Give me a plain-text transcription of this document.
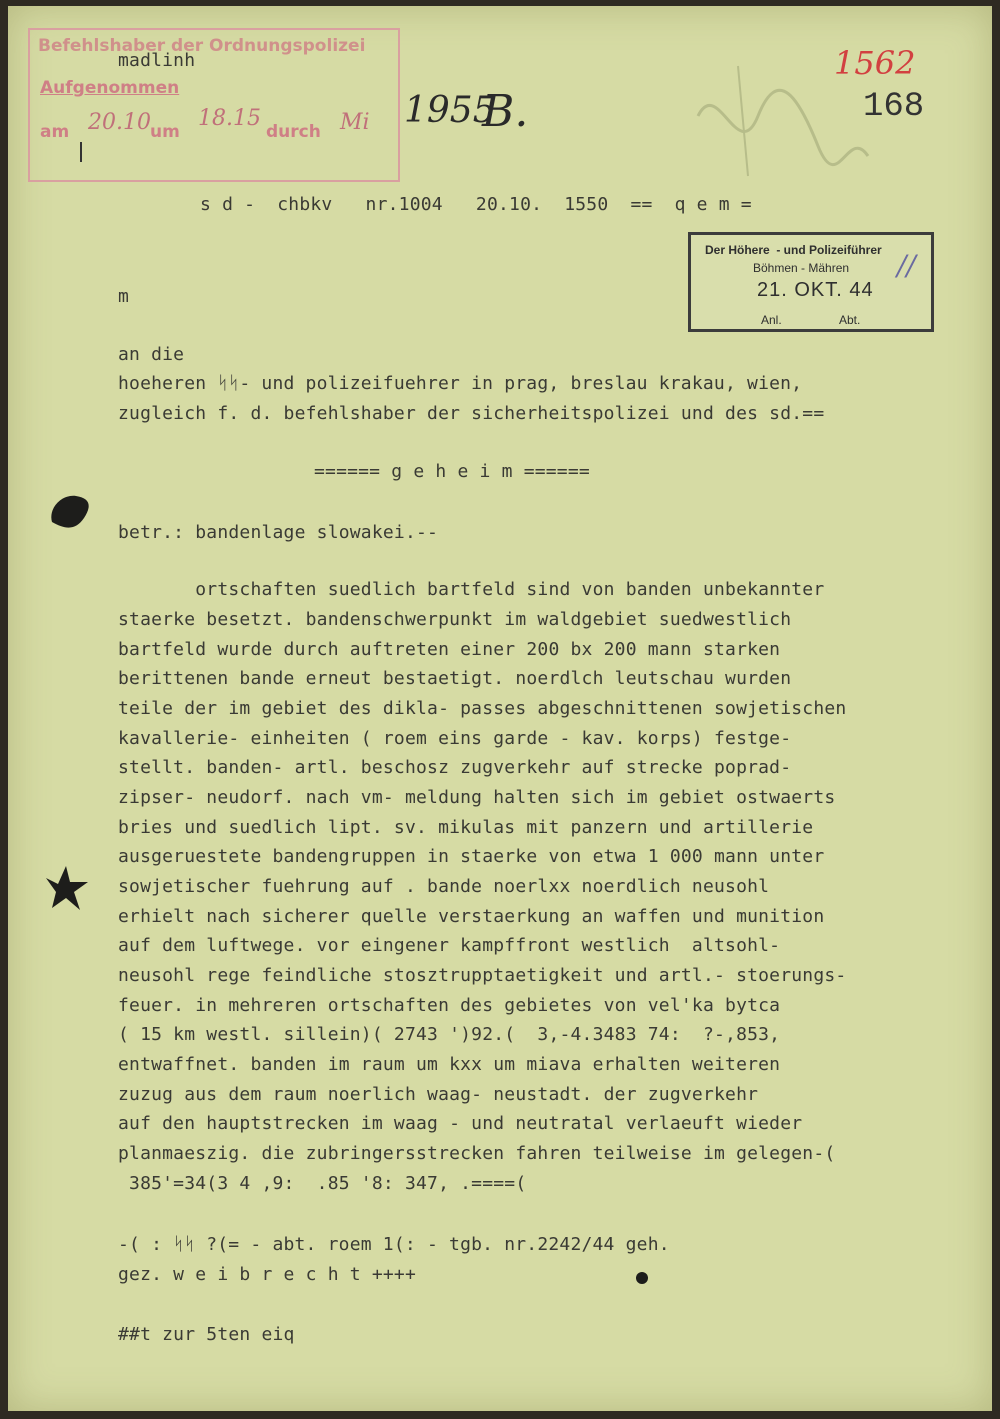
Befehlshaber der Ordnungspolizei
Aufgenommen
am 20.10 um
18.15
durch Mi
madlinh
1955
B.
1562
168
s d -  chbkv   nr.1004   20.10.  1550  ==  q e m =
Der Höhere  - und Polizeiführer
Böhmen - Mähren
21. OKT. 44
Anl.	Abt.
//
m
an die
hoeheren ᛋᛋ- und polizeifuehrer in prag, breslau krakau, wien,
zugleich f. d. befehlshaber der sicherheitspolizei und des sd.==
====== g e h e i m ======
betr.: bandenlage slowakei.--
ortschaften suedlich bartfeld sind von banden unbekannter
staerke besetzt. bandenschwerpunkt im waldgebiet suedwestlich
bartfeld wurde durch auftreten einer 200 bx 200 mann starken
berittenen bande erneut bestaetigt. noerdlch leutschau wurden
teile der im gebiet des dikla- passes abgeschnittenen sowjetischen
kavallerie- einheiten ( roem eins garde - kav. korps) festge-
stellt. banden- artl. beschosz zugverkehr auf strecke poprad-
zipser- neudorf. nach vm- meldung halten sich im gebiet ostwaerts
bries und suedlich lipt. sv. mikulas mit panzern und artillerie
ausgeruestete bandengruppen in staerke von etwa 1 000 mann unter
sowjetischer fuehrung auf . bande noerlxx noerdlich neusohl
erhielt nach sicherer quelle verstaerkung an waffen und munition
auf dem luftwege. vor eingener kampffront westlich  altsohl-
neusohl rege feindliche stosztrupptaetigkeit und artl.- stoerungs-
feuer. in mehreren ortschaften des gebietes von vel'ka bytca
( 15 km westl. sillein)( 2743 ')92.(  3,-4.3483 74:  ?-,853,
entwaffnet. banden im raum um kxx um miava erhalten weiteren
zuzug aus dem raum noerlich waag- neustadt. der zugverkehr
auf den hauptstrecken im waag - und neutratal verlaeuft wieder
planmaeszig. die zubringersstrecken fahren teilweise im gelegen-(
385'=34(3 4 ,9:  .85 '8: 347, .====(
-( : ᛋᛋ ?(= - abt. roem 1(: - tgb. nr.2242/44 geh.
gez. w e i b r e c h t ++++
##t zur 5ten eiq
